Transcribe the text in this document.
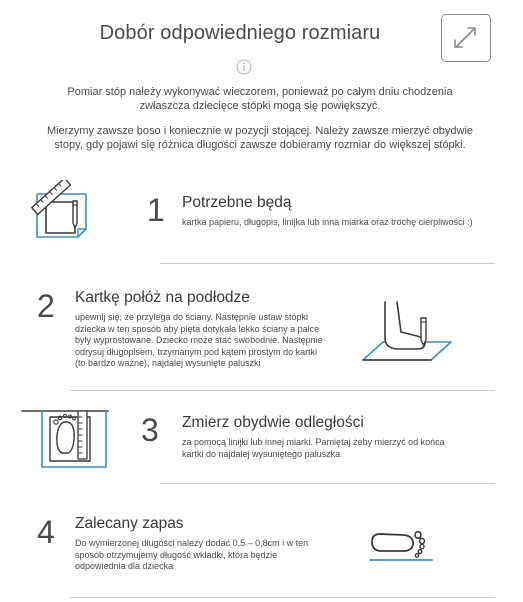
Dobór odpowiedniego rozmiaru
Pomiar stóp należy wykonywać wieczorem, ponieważ po całym dniu chodzenia
zwłaszcza dziecięce stópki mogą się powiększyć.
Mierzymy zawsze boso i koniecznie w pozycji stojącej. Należy zawsze mierzyć obydwie
stopy, gdy pojawi się różnica długości zawsze dobieramy rozmiar do większej stópki.
1 Potrzebne będą
kartka papieru, długopis, linijka lub inna miarka oraz trochę cierpliwości :)
2 Kartkę połóż na podłodze
upewnij się, że przylega do ściany. Następnie ustaw stópki
dziecka w ten sposób aby pięta dotykała lekko ściany a palce
były wyprostowane. Dziecko może stać swobodnie. Następnie
odrysuj długopisem, trzymanym pod kątem prostym do kartki
(to bardzo ważne), najdalej wysunięte paluszki
3 Zmierz obydwie odległości
za pomocą linijki lub innej miarki. Pamiętaj żeby mierzyć od końca
kartki do najdalej wysuniętego paluszka
4 Zalecany zapas
Do wymierzonej długości należy dodać 0,5 – 0,8cm i w ten
sposób otrzymujemy długość wkładki, która będzie
odpowiednia dla dziecka
